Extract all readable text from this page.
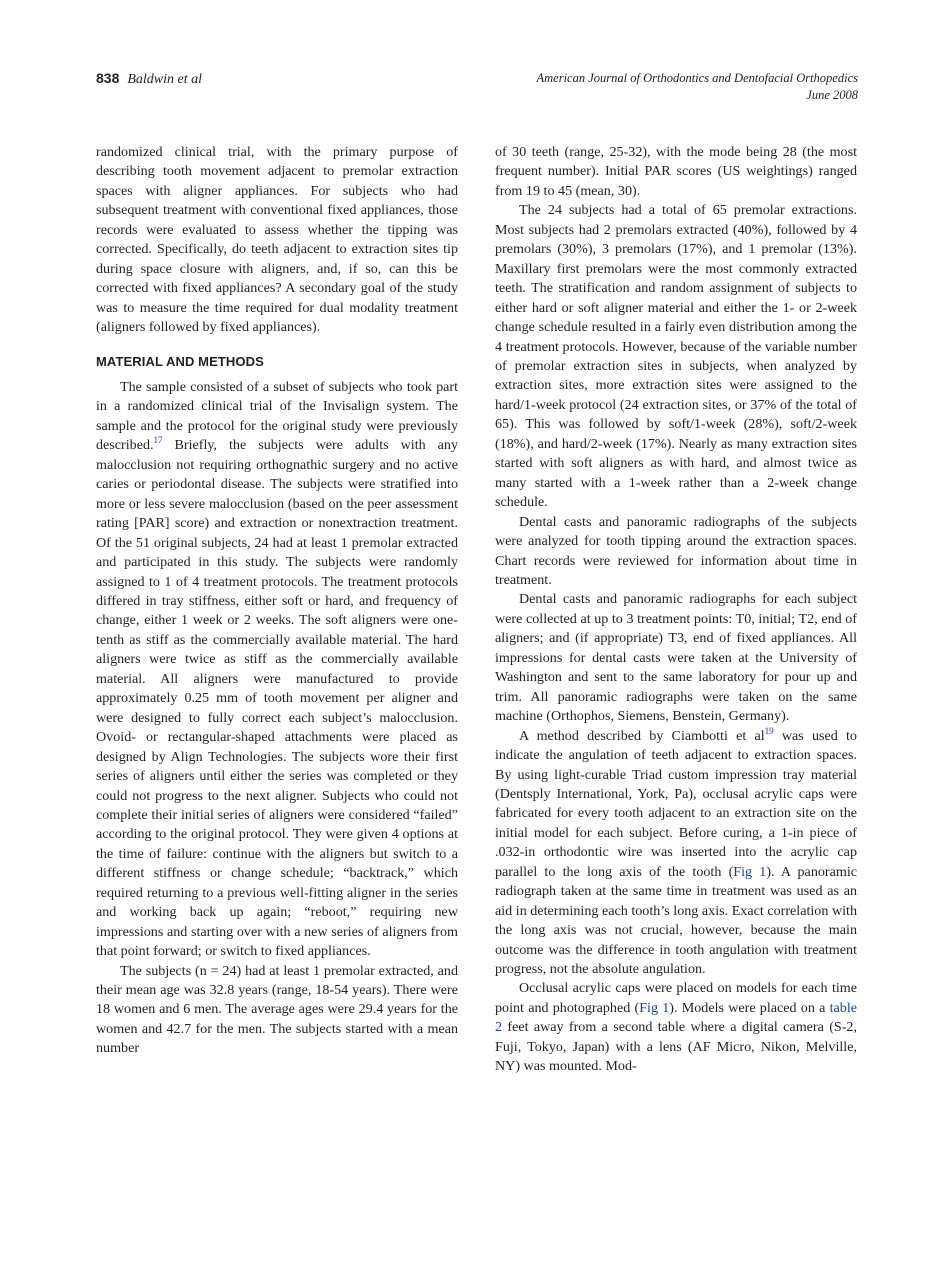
838 Baldwin et al	American Journal of Orthodontics and Dentofacial Orthopedics
June 2008

randomized clinical trial, with the primary purpose of describing tooth movement adjacent to premolar extraction spaces with aligner appliances. For subjects who had subsequent treatment with conventional fixed appliances, those records were evaluated to assess whether the tipping was corrected. Specifically, do teeth adjacent to extraction sites tip during space closure with aligners, and, if so, can this be corrected with fixed appliances? A secondary goal of the study was to measure the time required for dual modality treatment (aligners followed by fixed appliances).

MATERIAL AND METHODS

The sample consisted of a subset of subjects who took part in a randomized clinical trial of the Invisalign system. The sample and the protocol for the original study were previously described.$^{17}$ Briefly, the subjects were adults with any malocclusion not requiring orthognathic surgery and no active caries or periodontal disease. The subjects were stratified into more or less severe malocclusion (based on the peer assessment rating [PAR] score) and extraction or nonextraction treatment. Of the 51 original subjects, 24 had at least 1 premolar extracted and participated in this study. The subjects were randomly assigned to 1 of 4 treatment protocols. The treatment protocols differed in tray stiffness, either soft or hard, and frequency of change, either 1 week or 2 weeks. The soft aligners were one-tenth as stiff as the commercially available material. The hard aligners were twice as stiff as the commercially available material. All aligners were manufactured to provide approximately 0.25 mm of tooth movement per aligner and were designed to fully correct each subject’s malocclusion. Ovoid- or rectangular-shaped attachments were placed as designed by Align Technologies. The subjects wore their first series of aligners until either the series was completed or they could not progress to the next aligner. Subjects who could not complete their initial series of aligners were considered “failed” according to the original protocol. They were given 4 options at the time of failure: continue with the aligners but switch to a different stiffness or change schedule; “backtrack,” which required returning to a previous well-fitting aligner in the series and working back up again; “reboot,” requiring new impressions and starting over with a new series of aligners from that point forward; or switch to fixed appliances.

The subjects (n = 24) had at least 1 premolar extracted, and their mean age was 32.8 years (range, 18-54 years). There were 18 women and 6 men. The average ages were 29.4 years for the women and 42.7 for the men. The subjects started with a mean number

of 30 teeth (range, 25-32), with the mode being 28 (the most frequent number). Initial PAR scores (US weightings) ranged from 19 to 45 (mean, 30).

The 24 subjects had a total of 65 premolar extractions. Most subjects had 2 premolars extracted (40%), followed by 4 premolars (30%), 3 premolars (17%), and 1 premolar (13%). Maxillary first premolars were the most commonly extracted teeth. The stratification and random assignment of subjects to either hard or soft aligner material and either the 1- or 2-week change schedule resulted in a fairly even distribution among the 4 treatment protocols. However, because of the variable number of premolar extraction sites in subjects, when analyzed by extraction sites, more extraction sites were assigned to the hard/1-week protocol (24 extraction sites, or 37% of the total of 65). This was followed by soft/1-week (28%), soft/2-week (18%), and hard/2-week (17%). Nearly as many extraction sites started with soft aligners as with hard, and almost twice as many started with a 1-week rather than a 2-week change schedule.

Dental casts and panoramic radiographs of the subjects were analyzed for tooth tipping around the extraction spaces. Chart records were reviewed for information about time in treatment.

Dental casts and panoramic radiographs for each subject were collected at up to 3 treatment points: T0, initial; T2, end of aligners; and (if appropriate) T3, end of fixed appliances. All impressions for dental casts were taken at the University of Washington and sent to the same laboratory for pour up and trim. All panoramic radiographs were taken on the same machine (Orthophos, Siemens, Benstein, Germany).

A method described by Ciambotti et al$^{19}$ was used to indicate the angulation of teeth adjacent to extraction spaces. By using light-curable Triad custom impression tray material (Dentsply International, York, Pa), occlusal acrylic caps were fabricated for every tooth adjacent to an extraction site on the initial model for each subject. Before curing, a 1-in piece of .032-in orthodontic wire was inserted into the acrylic cap parallel to the long axis of the tooth (Fig 1). A panoramic radiograph taken at the same time in treatment was used as an aid in determining each tooth’s long axis. Exact correlation with the long axis was not crucial, however, because the main outcome was the difference in tooth angulation with treatment progress, not the absolute angulation.

Occlusal acrylic caps were placed on models for each time point and photographed (Fig 1). Models were placed on a table 2 feet away from a second table where a digital camera (S-2, Fuji, Tokyo, Japan) with a lens (AF Micro, Nikon, Melville, NY) was mounted. Mod-
